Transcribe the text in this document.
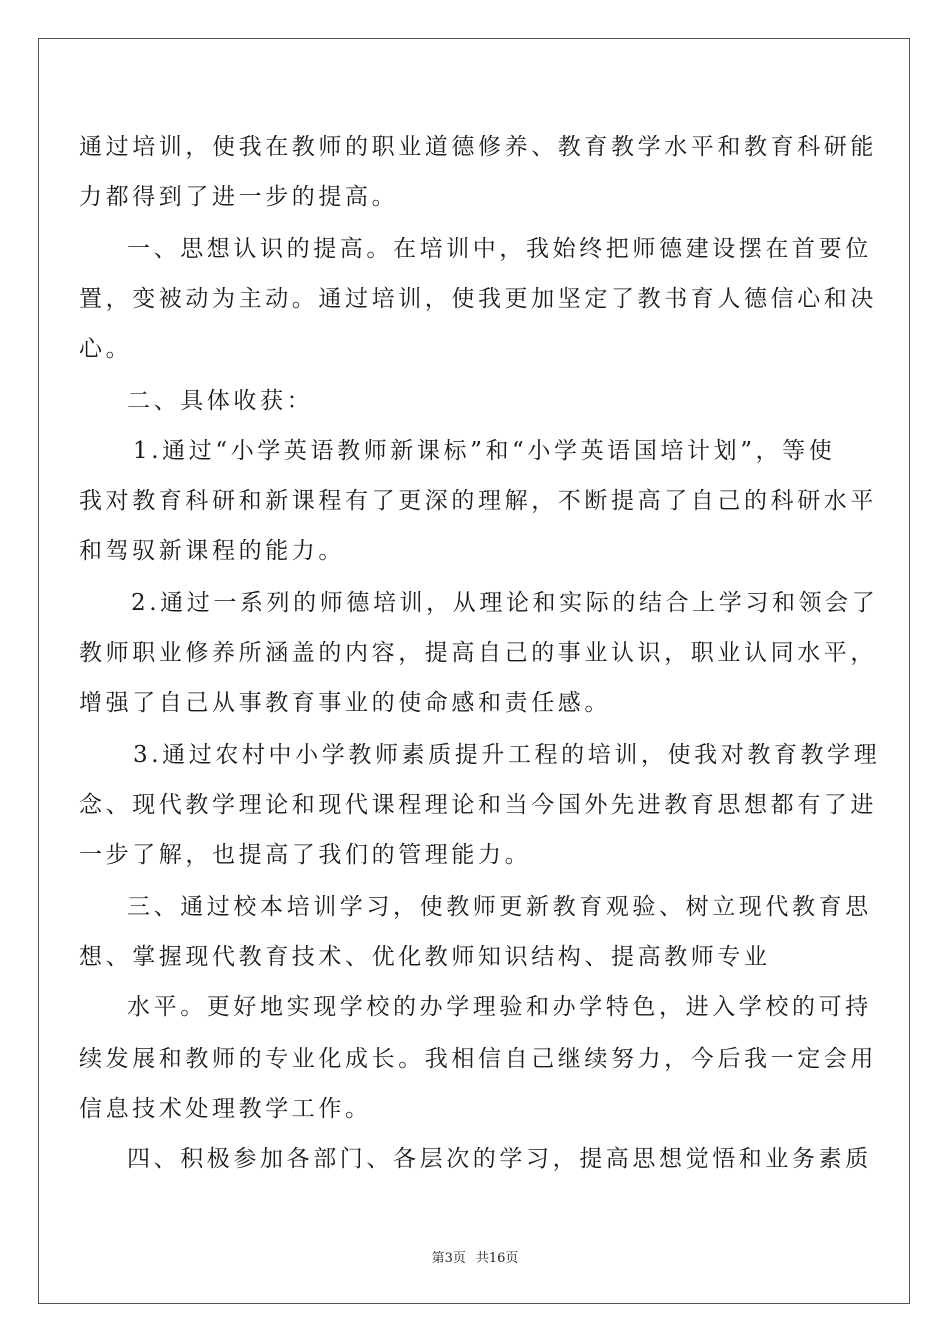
通过培训，使我在教师的职业道德修养、教育教学水平和教育科研能
力都得到了进一步的提高。
一、思想认识的提高。在培训中，我始终把师德建设摆在首要位
置，变被动为主动。通过培训，使我更加坚定了教书育人德信心和决
心。
二、具体收获：
1.通过“小学英语教师新课标”和“小学英语国培计划”，等使
我对教育科研和新课程有了更深的理解，不断提高了自己的科研水平
和驾驭新课程的能力。
2.通过一系列的师德培训，从理论和实际的结合上学习和领会了
教师职业修养所涵盖的内容，提高自己的事业认识，职业认同水平，
增强了自己从事教育事业的使命感和责任感。
3.通过农村中小学教师素质提升工程的培训，使我对教育教学理
念、现代教学理论和现代课程理论和当今国外先进教育思想都有了进
一步了解，也提高了我们的管理能力。
三、通过校本培训学习，使教师更新教育观验、树立现代教育思
想、掌握现代教育技术、优化教师知识结构、提高教师专业
水平。更好地实现学校的办学理验和办学特色，进入学校的可持
续发展和教师的专业化成长。我相信自己继续努力，今后我一定会用
信息技术处理教学工作。
四、积极参加各部门、各层次的学习，提高思想觉悟和业务素质
第3页 共16页
